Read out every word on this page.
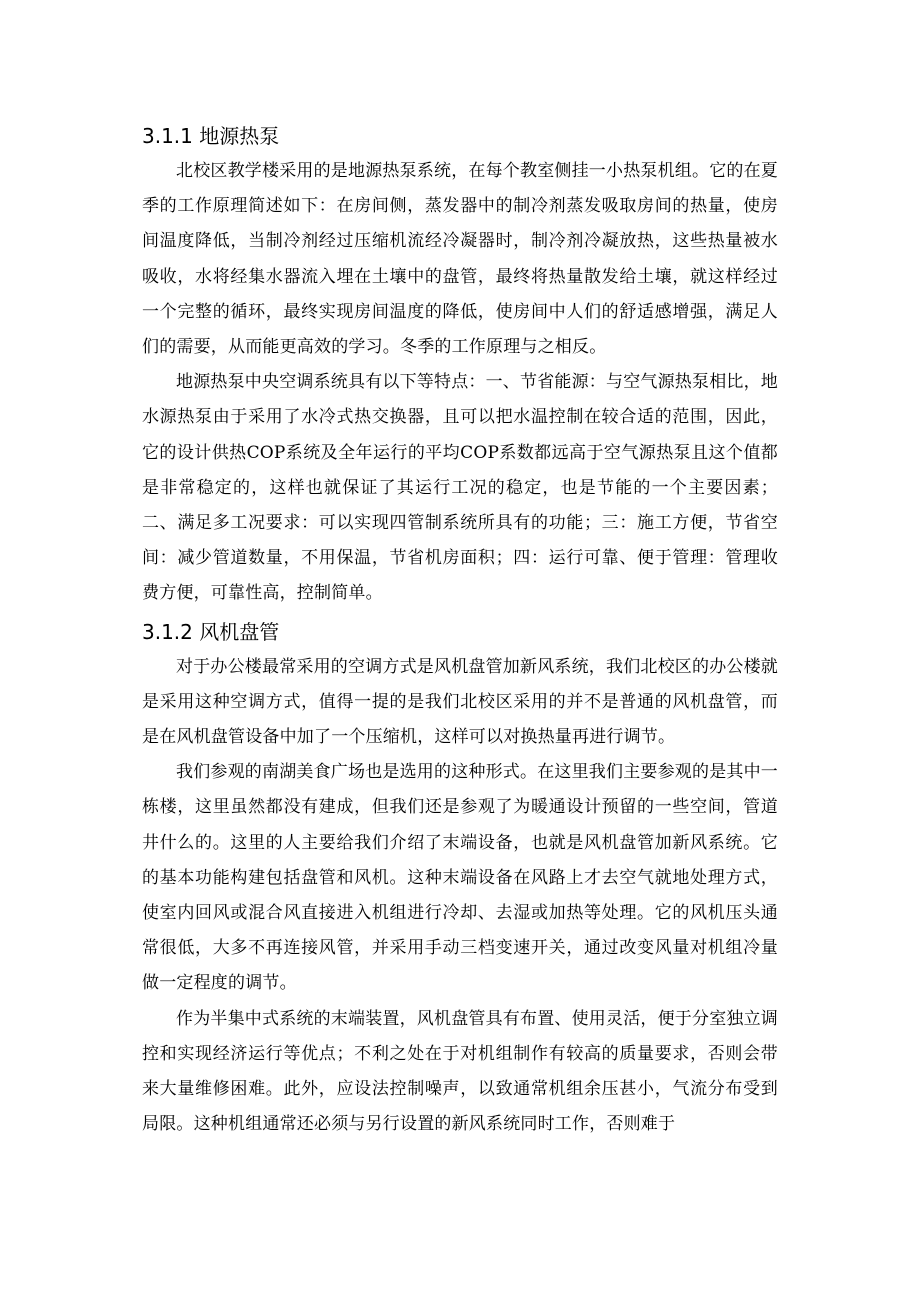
3.1.1 地源热泵

北校区教学楼采用的是地源热泵系统，在每个教室侧挂一小热泵机组。它的在夏季的工作原理简述如下：在房间侧，蒸发器中的制冷剂蒸发吸取房间的热量，使房间温度降低，当制冷剂经过压缩机流经冷凝器时，制冷剂冷凝放热，这些热量被水吸收，水将经集水器流入埋在土壤中的盘管，最终将热量散发给土壤，就这样经过一个完整的循环，最终实现房间温度的降低，使房间中人们的舒适感增强，满足人们的需要，从而能更高效的学习。冬季的工作原理与之相反。

地源热泵中央空调系统具有以下等特点：一、节省能源：与空气源热泵相比，地水源热泵由于采用了水冷式热交换器，且可以把水温控制在较合适的范围，因此，它的设计供热COP系统及全年运行的平均COP系数都远高于空气源热泵且这个值都是非常稳定的，这样也就保证了其运行工况的稳定，也是节能的一个主要因素；二、满足多工况要求：可以实现四管制系统所具有的功能；三：施工方便，节省空间：减少管道数量，不用保温，节省机房面积；四：运行可靠、便于管理：管理收费方便，可靠性高，控制简单。

3.1.2 风机盘管

对于办公楼最常采用的空调方式是风机盘管加新风系统，我们北校区的办公楼就是采用这种空调方式，值得一提的是我们北校区采用的并不是普通的风机盘管，而是在风机盘管设备中加了一个压缩机，这样可以对换热量再进行调节。

我们参观的南湖美食广场也是选用的这种形式。在这里我们主要参观的是其中一栋楼，这里虽然都没有建成，但我们还是参观了为暖通设计预留的一些空间，管道井什么的。这里的人主要给我们介绍了末端设备，也就是风机盘管加新风系统。它的基本功能构建包括盘管和风机。这种末端设备在风路上才去空气就地处理方式，使室内回风或混合风直接进入机组进行冷却、去湿或加热等处理。它的风机压头通常很低，大多不再连接风管，并采用手动三档变速开关，通过改变风量对机组冷量做一定程度的调节。

作为半集中式系统的末端装置，风机盘管具有布置、使用灵活，便于分室独立调控和实现经济运行等优点；不利之处在于对机组制作有较高的质量要求，否则会带来大量维修困难。此外，应设法控制噪声，以致通常机组余压甚小，气流分布受到局限。这种机组通常还必须与另行设置的新风系统同时工作，否则难于
